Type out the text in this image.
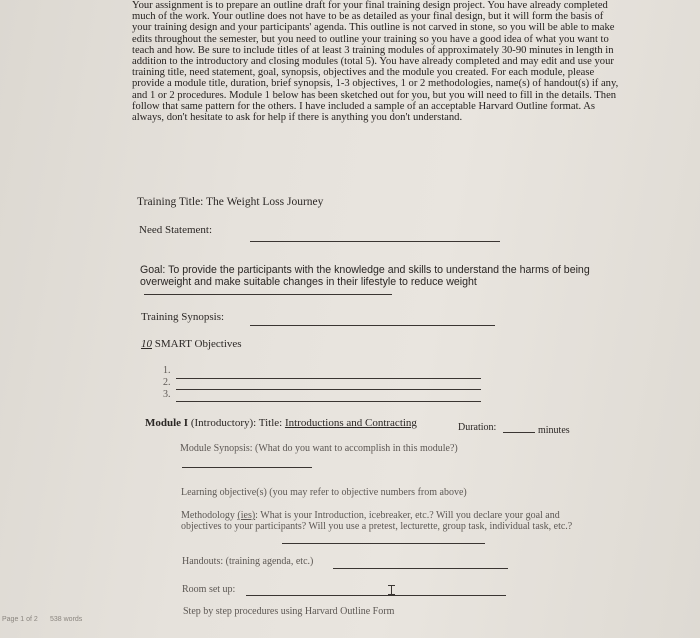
Your assignment is to prepare an outline draft for your final training design project. You have already completed much of the work. Your outline does not have to be as detailed as your final design, but it will form the basis of your training design and your participants' agenda. This outline is not carved in stone, so you will be able to make edits throughout the semester, but you need to outline your training so you have a good idea of what you want to teach and how. Be sure to include titles of at least 3 training modules of approximately 30-90 minutes in length in addition to the introductory and closing modules (total 5). You have already completed and may edit and use your training title, need statement, goal, synopsis, objectives and the module you created. For each module, please provide a module title, duration, brief synopsis, 1-3 objectives, 1 or 2 methodologies, name(s) of handout(s) if any, and 1 or 2 procedures. Module 1 below has been sketched out for you, but you will need to fill in the details. Then follow that same pattern for the others. I have included a sample of an acceptable Harvard Outline format. As always, don't hesitate to ask for help if there is anything you don't understand.

Training Title: The Weight Loss Journey
Need Statement:
Goal: To provide the participants with the knowledge and skills to understand the harms of being overweight and make suitable changes in their lifestyle to reduce weight
Training Synopsis:
10 SMART Objectives
1.
2.
3.
Module I (Introductory): Title: Introductions and Contracting	Duration:	minutes
Module Synopsis: (What do you want to accomplish in this module?)
Learning objective(s) (you may refer to objective numbers from above)
Methodology (ies): What is your Introduction, icebreaker, etc.? Will you declare your goal and objectives to your participants? Will you use a pretest, lecturette, group task, individual task, etc.?
Handouts: (training agenda, etc.)
Room set up:
Step by step procedures using Harvard Outline Form
Page 1 of 2 538 words
